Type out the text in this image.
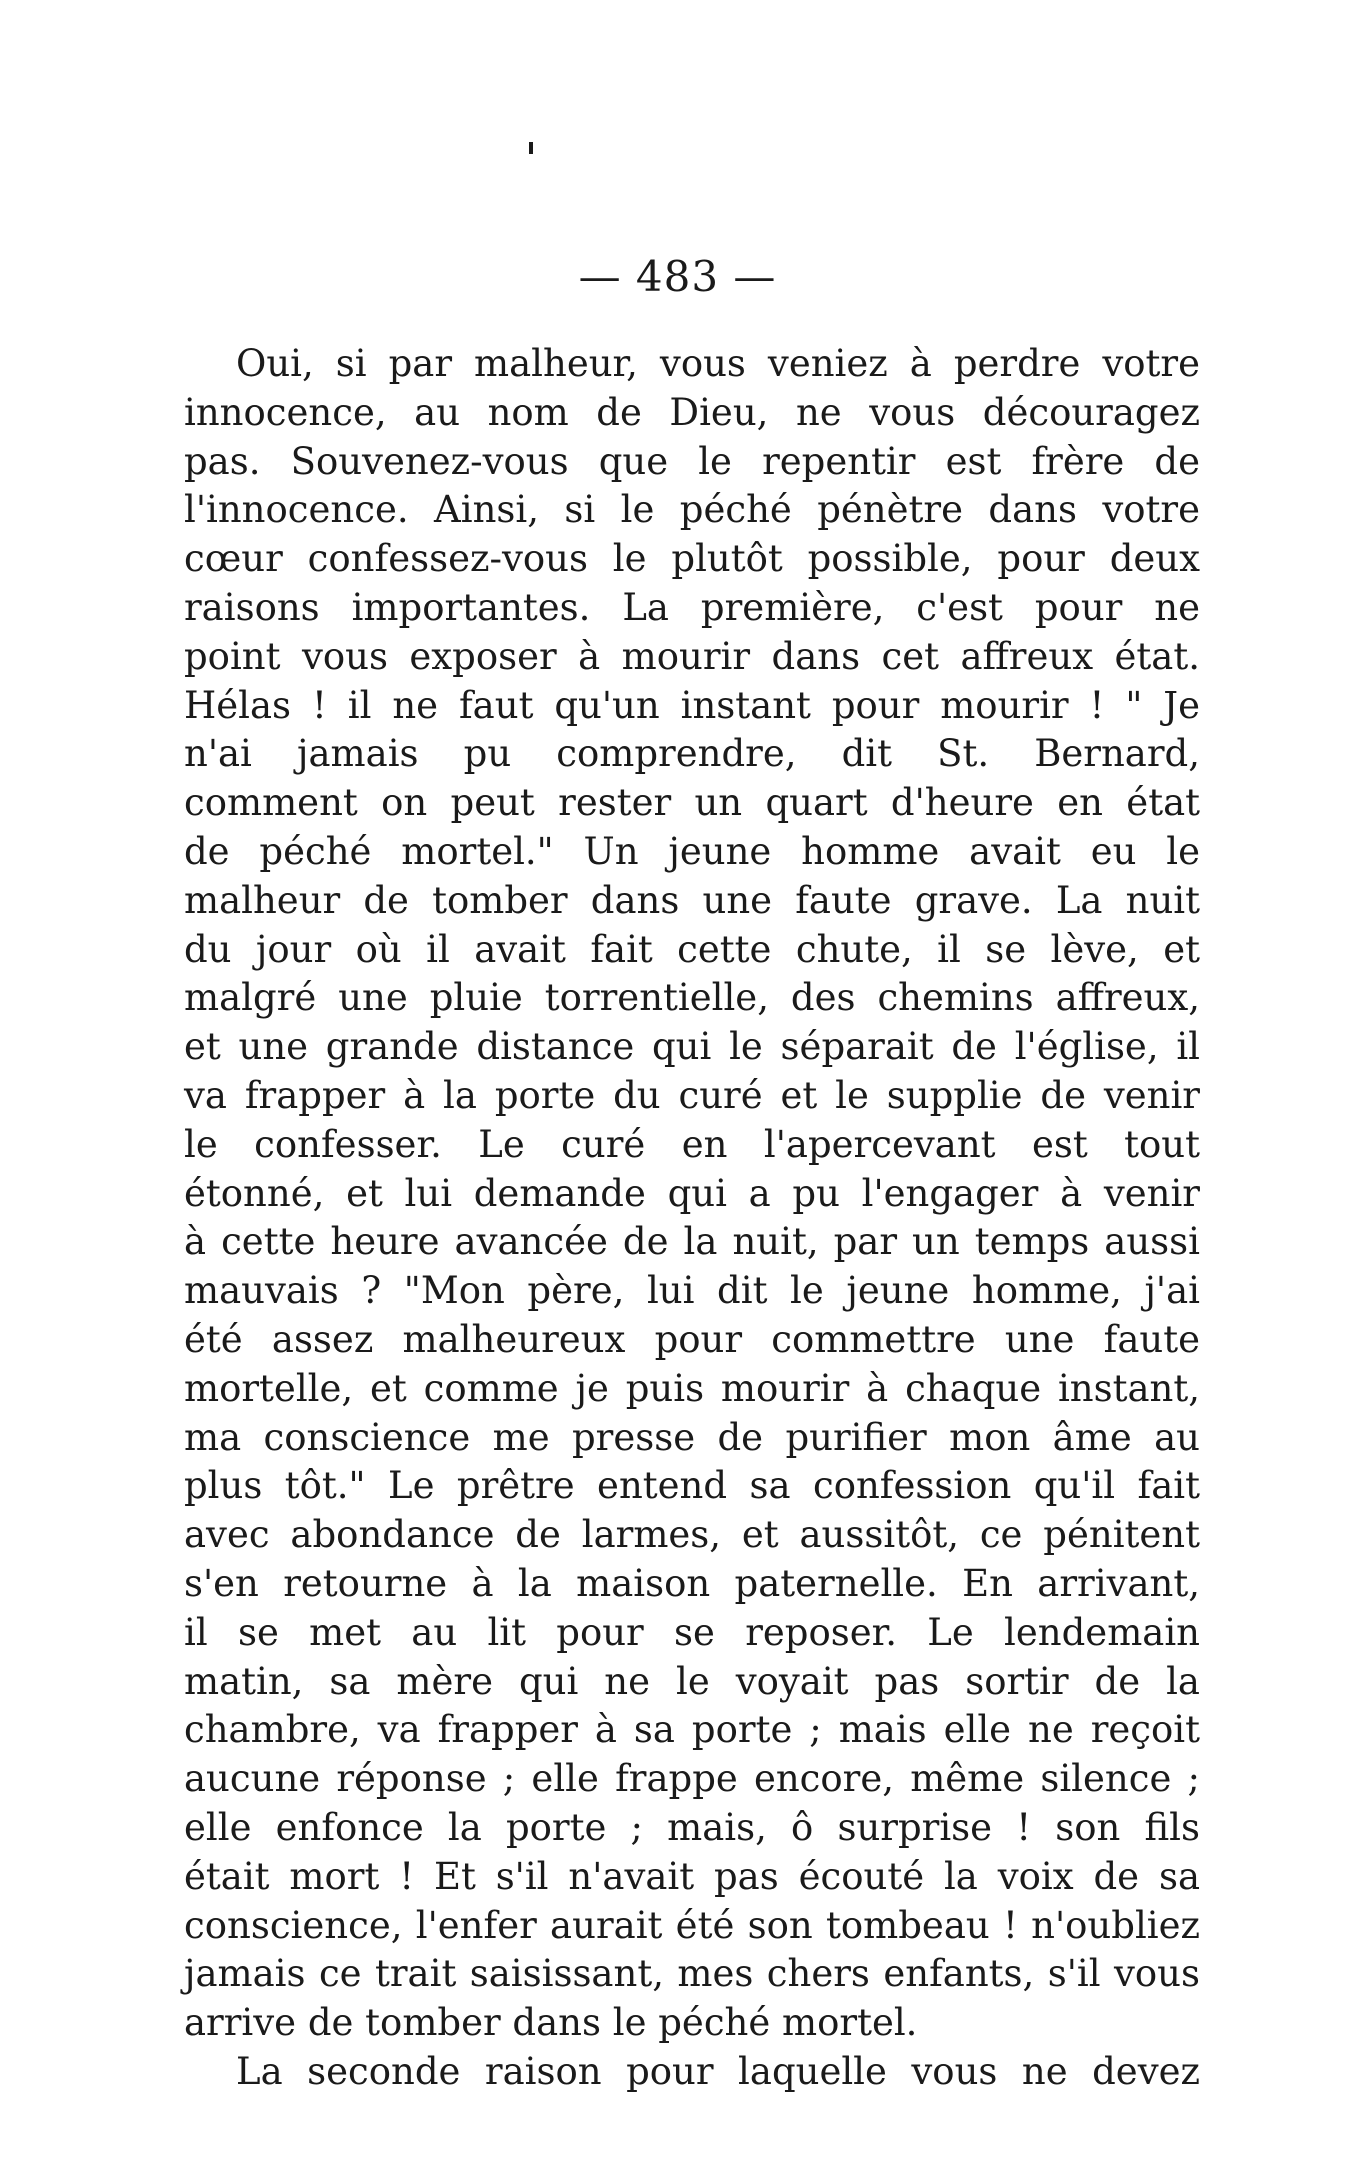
— 483 —
Oui, si par malheur, vous veniez à perdre votre
innocence, au nom de Dieu, ne vous découragez
pas. Souvenez-vous que le repentir est frère de
l'innocence. Ainsi, si le péché pénètre dans votre
cœur confessez-vous le plutôt possible, pour deux
raisons importantes. La première, c'est pour ne
point vous exposer à mourir dans cet affreux état.
Hélas ! il ne faut qu'un instant pour mourir ! " Je
n'ai jamais pu comprendre, dit St. Bernard,
comment on peut rester un quart d'heure en état
de péché mortel." Un jeune homme avait eu le
malheur de tomber dans une faute grave. La nuit
du jour où il avait fait cette chute, il se lève, et
malgré une pluie torrentielle, des chemins affreux,
et une grande distance qui le séparait de l'église, il
va frapper à la porte du curé et le supplie de venir
le confesser. Le curé en l'apercevant est tout
étonné, et lui demande qui a pu l'engager à venir
à cette heure avancée de la nuit, par un temps aussi
mauvais ? "Mon père, lui dit le jeune homme, j'ai
été assez malheureux pour commettre une faute
mortelle, et comme je puis mourir à chaque instant,
ma conscience me presse de purifier mon âme au
plus tôt." Le prêtre entend sa confession qu'il fait
avec abondance de larmes, et aussitôt, ce pénitent
s'en retourne à la maison paternelle. En arrivant,
il se met au lit pour se reposer. Le lendemain
matin, sa mère qui ne le voyait pas sortir de la
chambre, va frapper à sa porte ; mais elle ne reçoit
aucune réponse ; elle frappe encore, même silence ;
elle enfonce la porte ; mais, ô surprise ! son fils
était mort ! Et s'il n'avait pas écouté la voix de sa
conscience, l'enfer aurait été son tombeau ! n'oubliez
jamais ce trait saisissant, mes chers enfants, s'il vous
arrive de tomber dans le péché mortel.
La seconde raison pour laquelle vous ne devez
